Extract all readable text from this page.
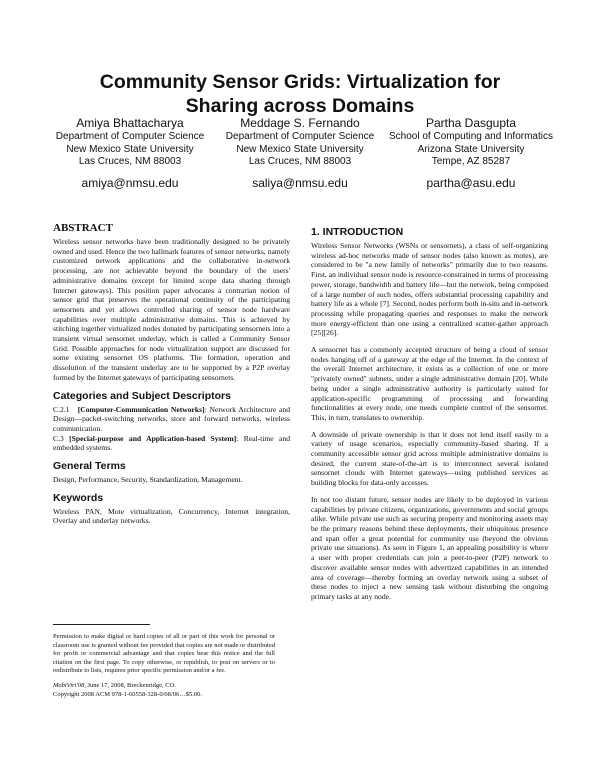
Community Sensor Grids: Virtualization for
Sharing across Domains
Amiya Bhattacharya
Department of Computer Science
New Mexico State University
Las Cruces, NM 88003
amiya@nmsu.edu
Meddage S. Fernando
Department of Computer Science
New Mexico State University
Las Cruces, NM 88003
saliya@nmsu.edu
Partha Dasgupta
School of Computing and Informatics
Arizona State University
Tempe, AZ 85287
partha@asu.edu
ABSTRACT

Wireless sensor networks have been traditionally designed to be privately owned and used. Hence the two hallmark features of sensor networks, namely customized network applications and the collaborative in-network processing, are not achievable beyond the boundary of the users' administrative domains (except for limited scope data sharing through Internet gateways). This position paper advocates a contrarian notion of sensor grid that preserves the operational continuity of the participating sensornets and yet allows controlled sharing of sensor node hardware capabilities over multiple administrative domains. This is achieved by stitching together virtualized nodes donated by participating sensornets into a transient virtual sensornet underlay, which is called a Community Sensor Grid. Possible approaches for node virtualization support are discussed for some existing sensornet OS platforms. The formation, operation and dissolution of the transient underlay are to be supported by a P2P overlay formed by the Internet gateways of participating sensornets.

Categories and Subject Descriptors

C.2.1 [Computer-Communication Networks]: Network Architecture and Design—packet-switching networks, store and forward networks, wireless communication.

C.3 [Special-purpose and Application-based System]: Real-time and embedded systems.

General Terms

Design, Performance, Security, Standardization, Management.

Keywords

Wireless PAN, Mote virtualization, Concurrency, Internet integration, Overlay and underlay networks.

Permission to make digital or hard copies of all or part of this work for personal or classroom use is granted without fee provided that copies are not made or distributed for profit or commercial advantage and that copies bear this notice and the full citation on the first page. To copy otherwise, or republish, to post on servers or to redistribute to lists, requires prior specific permission and/or a fee.

MobiVirt'08, June 17, 2008, Breckenridge, CO.

Copyright 2008 ACM 978-1-60558-328-0/08/06…$5.00.

1. INTRODUCTION

Wireless Sensor Networks (WSNs or sensornets), a class of self-organizing wireless ad-hoc networks made of sensor nodes (also known as motes), are considered to be "a new family of networks" primarily due to two reasons. First, an individual sensor node is resource-constrained in terms of processing power, storage, bandwidth and battery life—but the network, being composed of a large number of such nodes, offers substantial processing capability and battery life as a whole [7]. Second, nodes perform both in-situ and in-network processing while propagating queries and responses to make the network more energy-efficient than one using a centralized scatter-gather approach [25][26].

A sensornet has a commonly accepted structure of being a cloud of sensor nodes hanging off of a gateway at the edge of the Internet. In the context of the overall Internet architecture, it exists as a collection of one or more "privately owned" subnets, under a single administrative domain [20]. While being under a single administrative authority is particularly suited for application-specific programming of processing and forwarding functionalities at every node, one needs complete control of the sensornet. This, in turn, translates to ownership.

A downside of private ownership is that it does not lend itself easily to a variety of usage scenarios, especially community-based sharing. If a community accessible sensor grid across multiple administrative domains is desired, the current state-of-the-art is to interconnect several isolated sensornet clouds with Internet gateways—using published services as building blocks for data-only accesses.

In not too distant future, sensor nodes are likely to be deployed in various capabilities by private citizens, organizations, governments and social groups alike. While private use such as securing property and monitoring assets may be the primary reasons behind these deployments, their ubiquitous presence and span offer a great potential for community use (beyond the obvious private use situations). As seen in Figure 1, an appealing possibility is where a user with proper credentials can join a peer-to-peer (P2P) network to discover available sensor nodes with advertized capabilities in an intended area of coverage—thereby forming an overlay network using a subset of these nodes to inject a new sensing task without disturbing the ongoing primary tasks at any node.
